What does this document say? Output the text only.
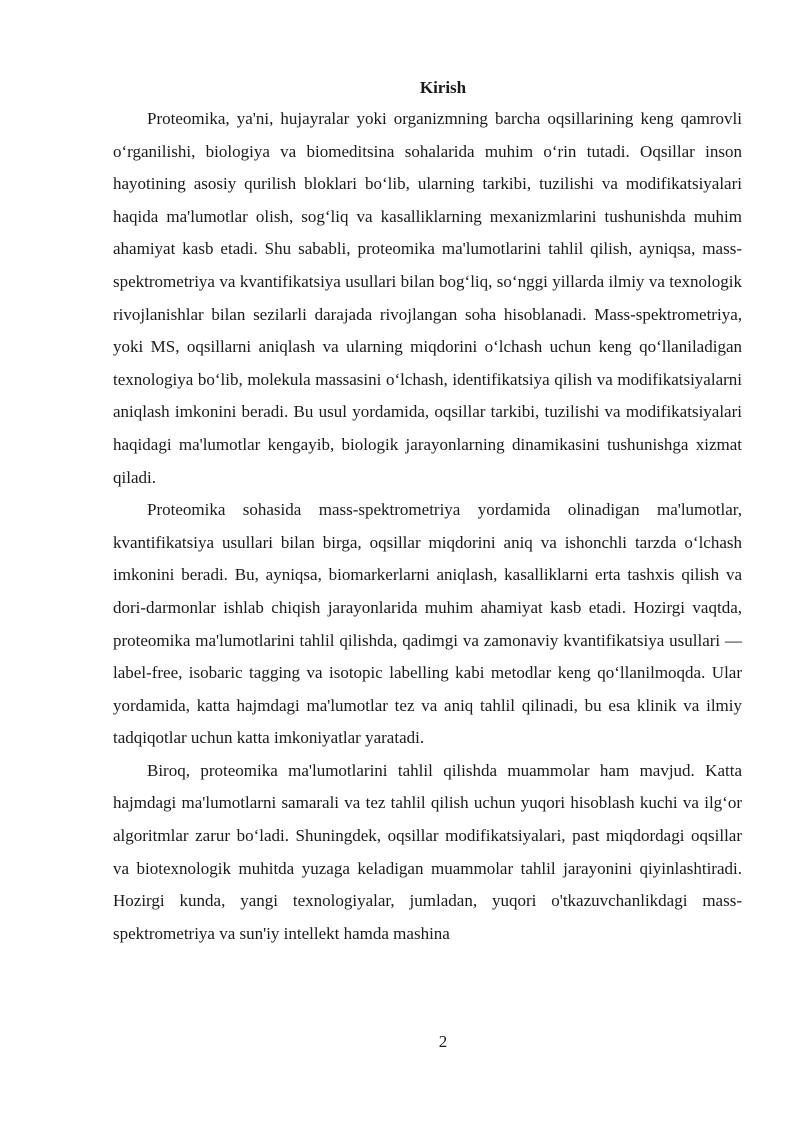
Kirish

Proteomika, ya'ni, hujayralar yoki organizmning barcha oqsillarining keng qamrovli o‘rganilishi, biologiya va biomeditsina sohalarida muhim o‘rin tutadi. Oqsillar inson hayotining asosiy qurilish bloklari bo‘lib, ularning tarkibi, tuzilishi va modifikatsiyalari haqida ma'lumotlar olish, sog‘liq va kasalliklarning mexanizmlarini tushunishda muhim ahamiyat kasb etadi. Shu sababli, proteomika ma'lumotlarini tahlil qilish, ayniqsa, mass-spektrometriya va kvantifikatsiya usullari bilan bog‘liq, so‘nggi yillarda ilmiy va texnologik rivojlanishlar bilan sezilarli darajada rivojlangan soha hisoblanadi. Mass-spektrometriya, yoki MS, oqsillarni aniqlash va ularning miqdorini o‘lchash uchun keng qo‘llaniladigan texnologiya bo‘lib, molekula massasini o‘lchash, identifikatsiya qilish va modifikatsiyalarni aniqlash imkonini beradi. Bu usul yordamida, oqsillar tarkibi, tuzilishi va modifikatsiyalari haqidagi ma'lumotlar kengayib, biologik jarayonlarning dinamikasini tushunishga xizmat qiladi.

Proteomika sohasida mass-spektrometriya yordamida olinadigan ma'lumotlar, kvantifikatsiya usullari bilan birga, oqsillar miqdorini aniq va ishonchli tarzda o‘lchash imkonini beradi. Bu, ayniqsa, biomarkerlarni aniqlash, kasalliklarni erta tashxis qilish va dori-darmonlar ishlab chiqish jarayonlarida muhim ahamiyat kasb etadi. Hozirgi vaqtda, proteomika ma'lumotlarini tahlil qilishda, qadimgi va zamonaviy kvantifikatsiya usullari — label-free, isobaric tagging va isotopic labelling kabi metodlar keng qo‘llanilmoqda. Ular yordamida, katta hajmdagi ma'lumotlar tez va aniq tahlil qilinadi, bu esa klinik va ilmiy tadqiqotlar uchun katta imkoniyatlar yaratadi.

Biroq, proteomika ma'lumotlarini tahlil qilishda muammolar ham mavjud. Katta hajmdagi ma'lumotlarni samarali va tez tahlil qilish uchun yuqori hisoblash kuchi va ilg‘or algoritmlar zarur bo‘ladi. Shuningdek, oqsillar modifikatsiyalari, past miqdordagi oqsillar va biotexnologik muhitda yuzaga keladigan muammolar tahlil jarayonini qiyinlashtiradi. Hozirgi kunda, yangi texnologiyalar, jumladan, yuqori o'tkazuvchanlikdagi mass-spektrometriya va sun'iy intellekt hamda mashina

2
